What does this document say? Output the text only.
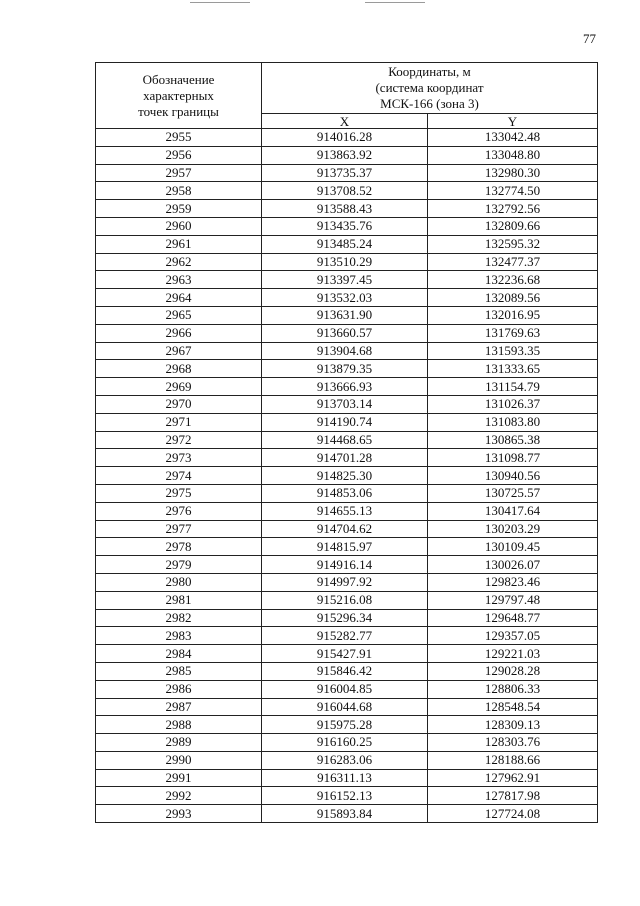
77
Обозначение
характерных
точек границы	Координаты, м
(система координат
МСК-166 (зона 3)	

	X	Y
2955	914016.28	133042.48
2956	913863.92	133048.80
2957	913735.37	132980.30
2958	913708.52	132774.50
2959	913588.43	132792.56
2960	913435.76	132809.66
2961	913485.24	132595.32
2962	913510.29	132477.37
2963	913397.45	132236.68
2964	913532.03	132089.56
2965	913631.90	132016.95
2966	913660.57	131769.63
2967	913904.68	131593.35
2968	913879.35	131333.65
2969	913666.93	131154.79
2970	913703.14	131026.37
2971	914190.74	131083.80
2972	914468.65	130865.38
2973	914701.28	131098.77
2974	914825.30	130940.56
2975	914853.06	130725.57
2976	914655.13	130417.64
2977	914704.62	130203.29
2978	914815.97	130109.45
2979	914916.14	130026.07
2980	914997.92	129823.46
2981	915216.08	129797.48
2982	915296.34	129648.77
2983	915282.77	129357.05
2984	915427.91	129221.03
2985	915846.42	129028.28
2986	916004.85	128806.33
2987	916044.68	128548.54
2988	915975.28	128309.13
2989	916160.25	128303.76
2990	916283.06	128188.66
2991	916311.13	127962.91
2992	916152.13	127817.98
2993	915893.84	127724.08
